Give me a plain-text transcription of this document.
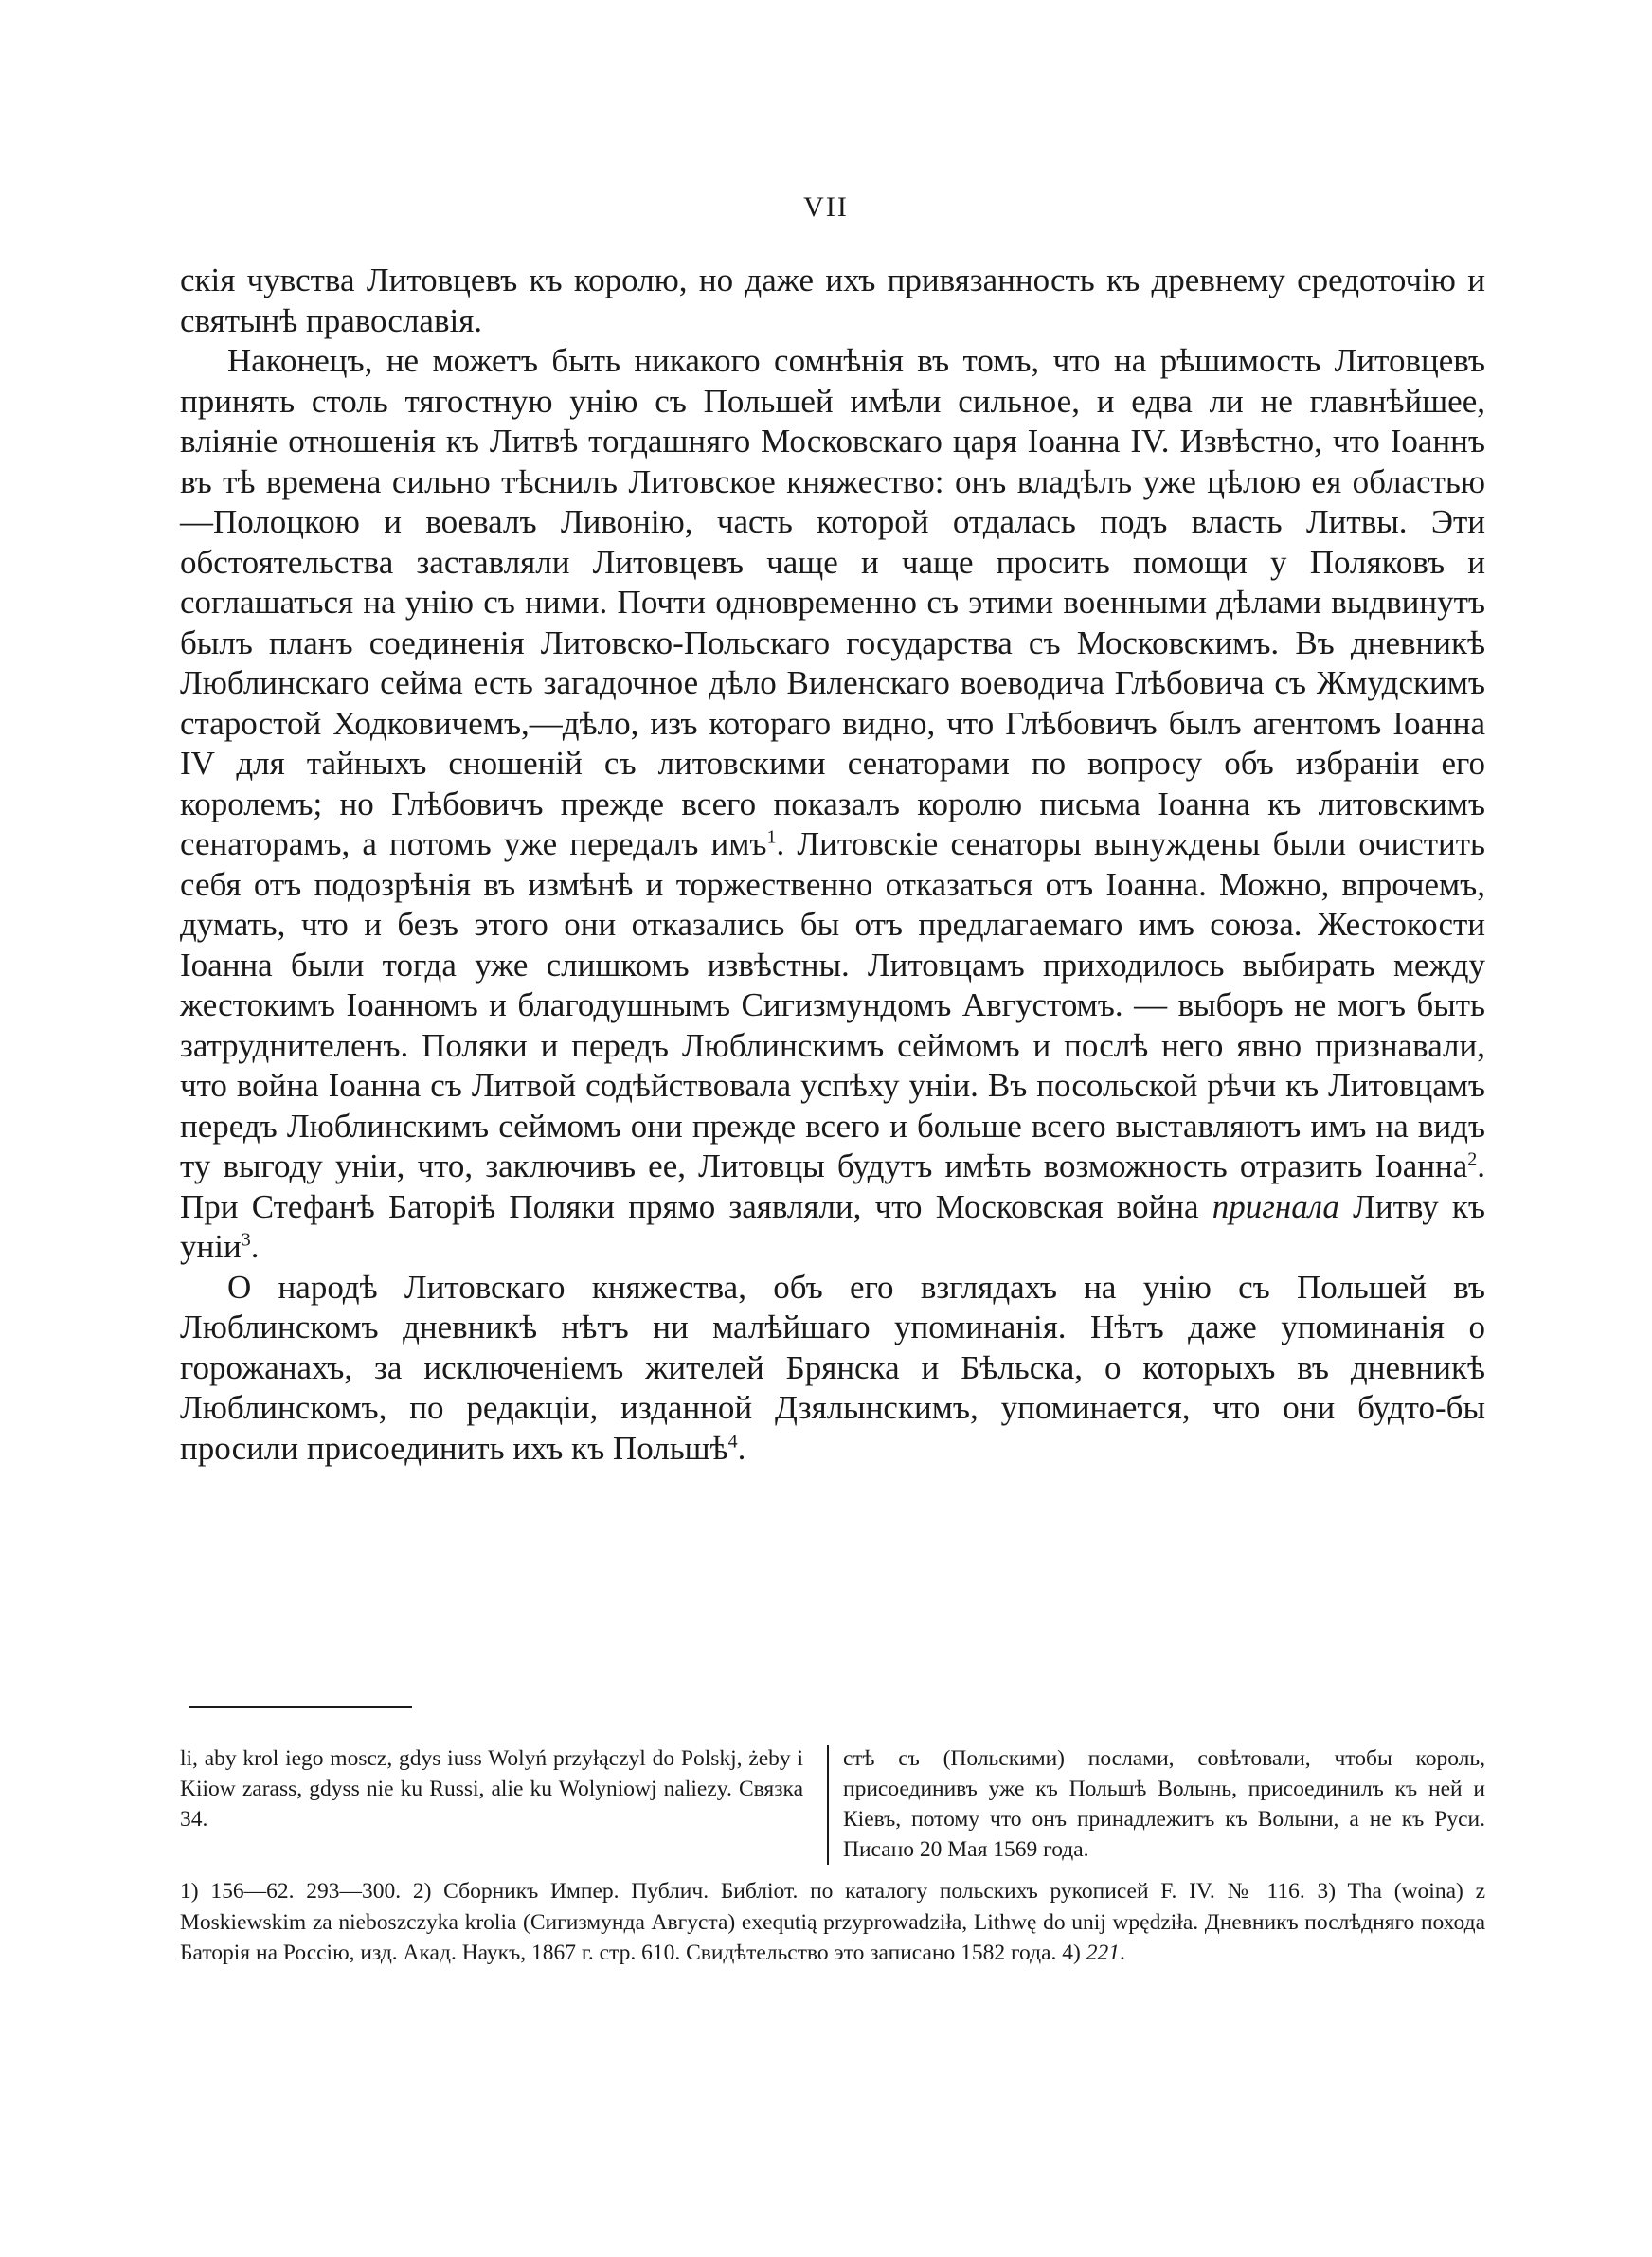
VII

скія чувства Литовцевъ къ королю, но даже ихъ привязанность къ древнему средоточію и святынѣ православія.

Наконецъ, не можетъ быть никакого сомнѣнія въ томъ, что на рѣшимость Литовцевъ принять столь тягостную унію съ Польшей имѣли сильное, и едва ли не главнѣйшее, вліяніе отношенія къ Литвѣ тогдашняго Московскаго царя Іоанна IV. Извѣстно, что Іоаннъ въ тѣ времена сильно тѣснилъ Литовское княжество: онъ владѣлъ уже цѣлою ея областью—Полоцкою и воевалъ Ливонію, часть которой отдалась подъ власть Литвы. Эти обстоятельства заставляли Литовцевъ чаще и чаще просить помощи у Поляковъ и соглашаться на унію съ ними. Почти одновременно съ этими военными дѣлами выдвинутъ былъ планъ соединенія Литовско-Польскаго государства съ Московскимъ. Въ дневникѣ Люблинскаго сейма есть загадочное дѣло Виленскаго воеводича Глѣбовича съ Жмудскимъ старостой Ходковичемъ,—дѣло, изъ котораго видно, что Глѣбовичъ былъ агентомъ Іоанна IV для тайныхъ сношеній съ литовскими сенаторами по вопросу объ избраніи его королемъ; но Глѣбовичъ прежде всего показалъ королю письма Іоанна къ литовскимъ сенаторамъ, а потомъ уже передалъ имъ$^1$. Литовскіе сенаторы вынуждены были очистить себя отъ подозрѣнія въ измѣнѣ и торжественно отказаться отъ Іоанна. Можно, впрочемъ, думать, что и безъ этого они отказались бы отъ предлагаемаго имъ союза. Жестокости Іоанна были тогда уже слишкомъ извѣстны. Литовцамъ приходилось выбирать между жестокимъ Іоанномъ и благодушнымъ Сигизмундомъ Августомъ. — выборъ не могъ быть затруднителенъ. Поляки и передъ Люблинскимъ сеймомъ и послѣ него явно признавали, что война Іоанна съ Литвой содѣйствовала успѣху уніи. Въ посольской рѣчи къ Литовцамъ передъ Люблинскимъ сеймомъ они прежде всего и больше всего выставляютъ имъ на видъ ту выгоду уніи, что, заключивъ ее, Литовцы будутъ имѣть возможность отразить Іоанна$^2$. При Стефанѣ Баторіѣ Поляки прямо заявляли, что Московская война пригнала Литву къ уніи$^3$.

О народѣ Литовскаго княжества, объ его взглядахъ на унію съ Польшей въ Люблинскомъ дневникѣ нѣтъ ни малѣйшаго упоминанія. Нѣтъ даже упоминанія о горожанахъ, за исключеніемъ жителей Брянска и Бѣльска, о которыхъ въ дневникѣ Люблинскомъ, по редакціи, изданной Дзялынскимъ, упоминается, что они будто-бы просили присоединить ихъ къ Польшѣ$^4$.

li, aby krol iego moscz, gdys iuss Wolyń przyłączyl do Polskj, żeby i Kiiow zarass, gdyss nie ku Russi, alie ku Wolyniowj naliezy. Связка 34.
стѣ съ (Польскими) послами, совѣтовали, чтобы король, присоединивъ уже къ Польшѣ Волынь, присоединилъ къ ней и Кіевъ, потому что онъ принадлежитъ къ Волыни, а не къ Руси. Писано 20 Мая 1569 года.
1) 156—62. 293—300. 2) Сборникъ Импер. Публич. Библіот. по каталогу польскихъ рукописей F. IV. № 116. 3) Tha (woina) z Moskiewskim za nieboszczyka krolia (Сигизмунда Августа) exequtią przyprowadziła, Lithwę do unij wpędziła. Дневникъ послѣдняго похода Баторія на Россію, изд. Акад. Наукъ, 1867 г. стр. 610. Свидѣтельство это записано 1582 года. 4) 221.
